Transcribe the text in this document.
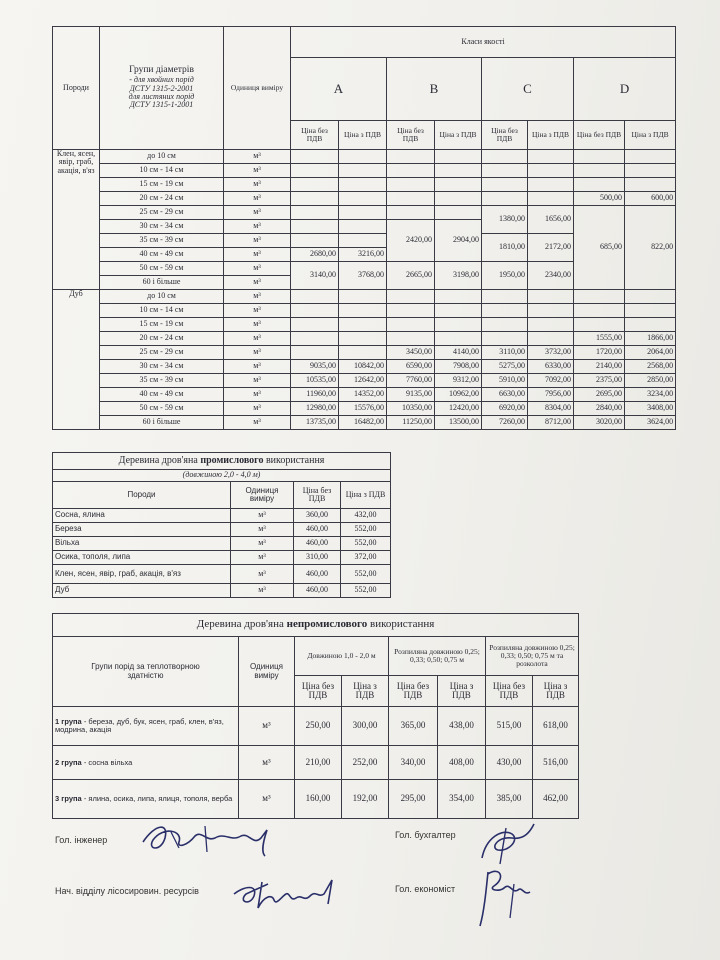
Породи	Групи діаметрів
- для хвойних порід
ДСТУ 1315-2-2001
для листяних порід
ДСТУ 1315-1-2001	Одиниця виміру	Класи якості							
			A		B		C		D	
			Ціна без ПДВ	Ціна з ПДВ	Ціна без ПДВ	Ціна з ПДВ	Ціна без ПДВ	Ціна з ПДВ	Ціна без ПДВ	Ціна з ПДВ
Клен, ясен, явір, граб, акація, в'яз	до 10 см	м³								
	10 см - 14 см	м³								
	15 см - 19 см	м³								
	20 см - 24 см	м³							500,00	600,00
	25 см - 29 см	м³					1380,00	1656,00	685,00	822,00
	30 см - 34 см	м³			2420,00	2904,00				
	35 см - 39 см	м³					1810,00	2172,00		
	40 см - 49 см	м³	2680,00	3216,00						
	50 см - 59 см	м³	3140,00	3768,00	2665,00	3198,00	1950,00	2340,00		
	60 і більше	м³								
Дуб	до 10 см	м³								
	10 см - 14 см	м³								
	15 см - 19 см	м³								
	20 см - 24 см	м³							1555,00	1866,00
	25 см - 29 см	м³			3450,00	4140,00	3110,00	3732,00	1720,00	2064,00
	30 см - 34 см	м³	9035,00	10842,00	6590,00	7908,00	5275,00	6330,00	2140,00	2568,00
	35 см - 39 см	м³	10535,00	12642,00	7760,00	9312,00	5910,00	7092,00	2375,00	2850,00
	40 см - 49 см	м³	11960,00	14352,00	9135,00	10962,00	6630,00	7956,00	2695,00	3234,00
	50 см - 59 см	м³	12980,00	15576,00	10350,00	12420,00	6920,00	8304,00	2840,00	3408,00
	60 і більше	м³	13735,00	16482,00	11250,00	13500,00	7260,00	8712,00	3020,00	3624,00
Деревина дров'яна промислового використання			
(довжиною 2,0 - 4,0 м)			
Породи	Одиниця виміру	Ціна без ПДВ	Ціна з ПДВ
Сосна, ялина	м³	360,00	432,00
Береза	м³	460,00	552,00
Вільха	м³	460,00	552,00
Осика, тополя, липа	м³	310,00	372,00
Клен, ясен, явір, граб, акація, в'яз	м³	460,00	552,00
Дуб	м³	460,00	552,00
Деревина дров'яна непромислового використання							
Групи порід за теплотворною здатністю	Одиниця виміру	Довжиною 1,0 - 2,0 м		Розпиляна довжиною 0,25; 0,33; 0,50; 0,75 м		Розпиляна довжиною 0,25; 0,33; 0,50; 0,75 м та розколота	
		Ціна без ПДВ	Ціна з ПДВ	Ціна без ПДВ	Ціна з ПДВ	Ціна без ПДВ	Ціна з ПДВ
1 група - береза, дуб, бук, ясен, граб, клен, в'яз, модрина, акація	м³	250,00	300,00	365,00	438,00	515,00	618,00
2 група - сосна вільха	м³	210,00	252,00	340,00	408,00	430,00	516,00
3 група - ялина, осика, липа, ялиця, тополя, верба	м³	160,00	192,00	295,00	354,00	385,00	462,00
Гол. інженер	Гол. бухгалтер
Нач. відділу лісосировин. ресурсів	Гол. економіст
